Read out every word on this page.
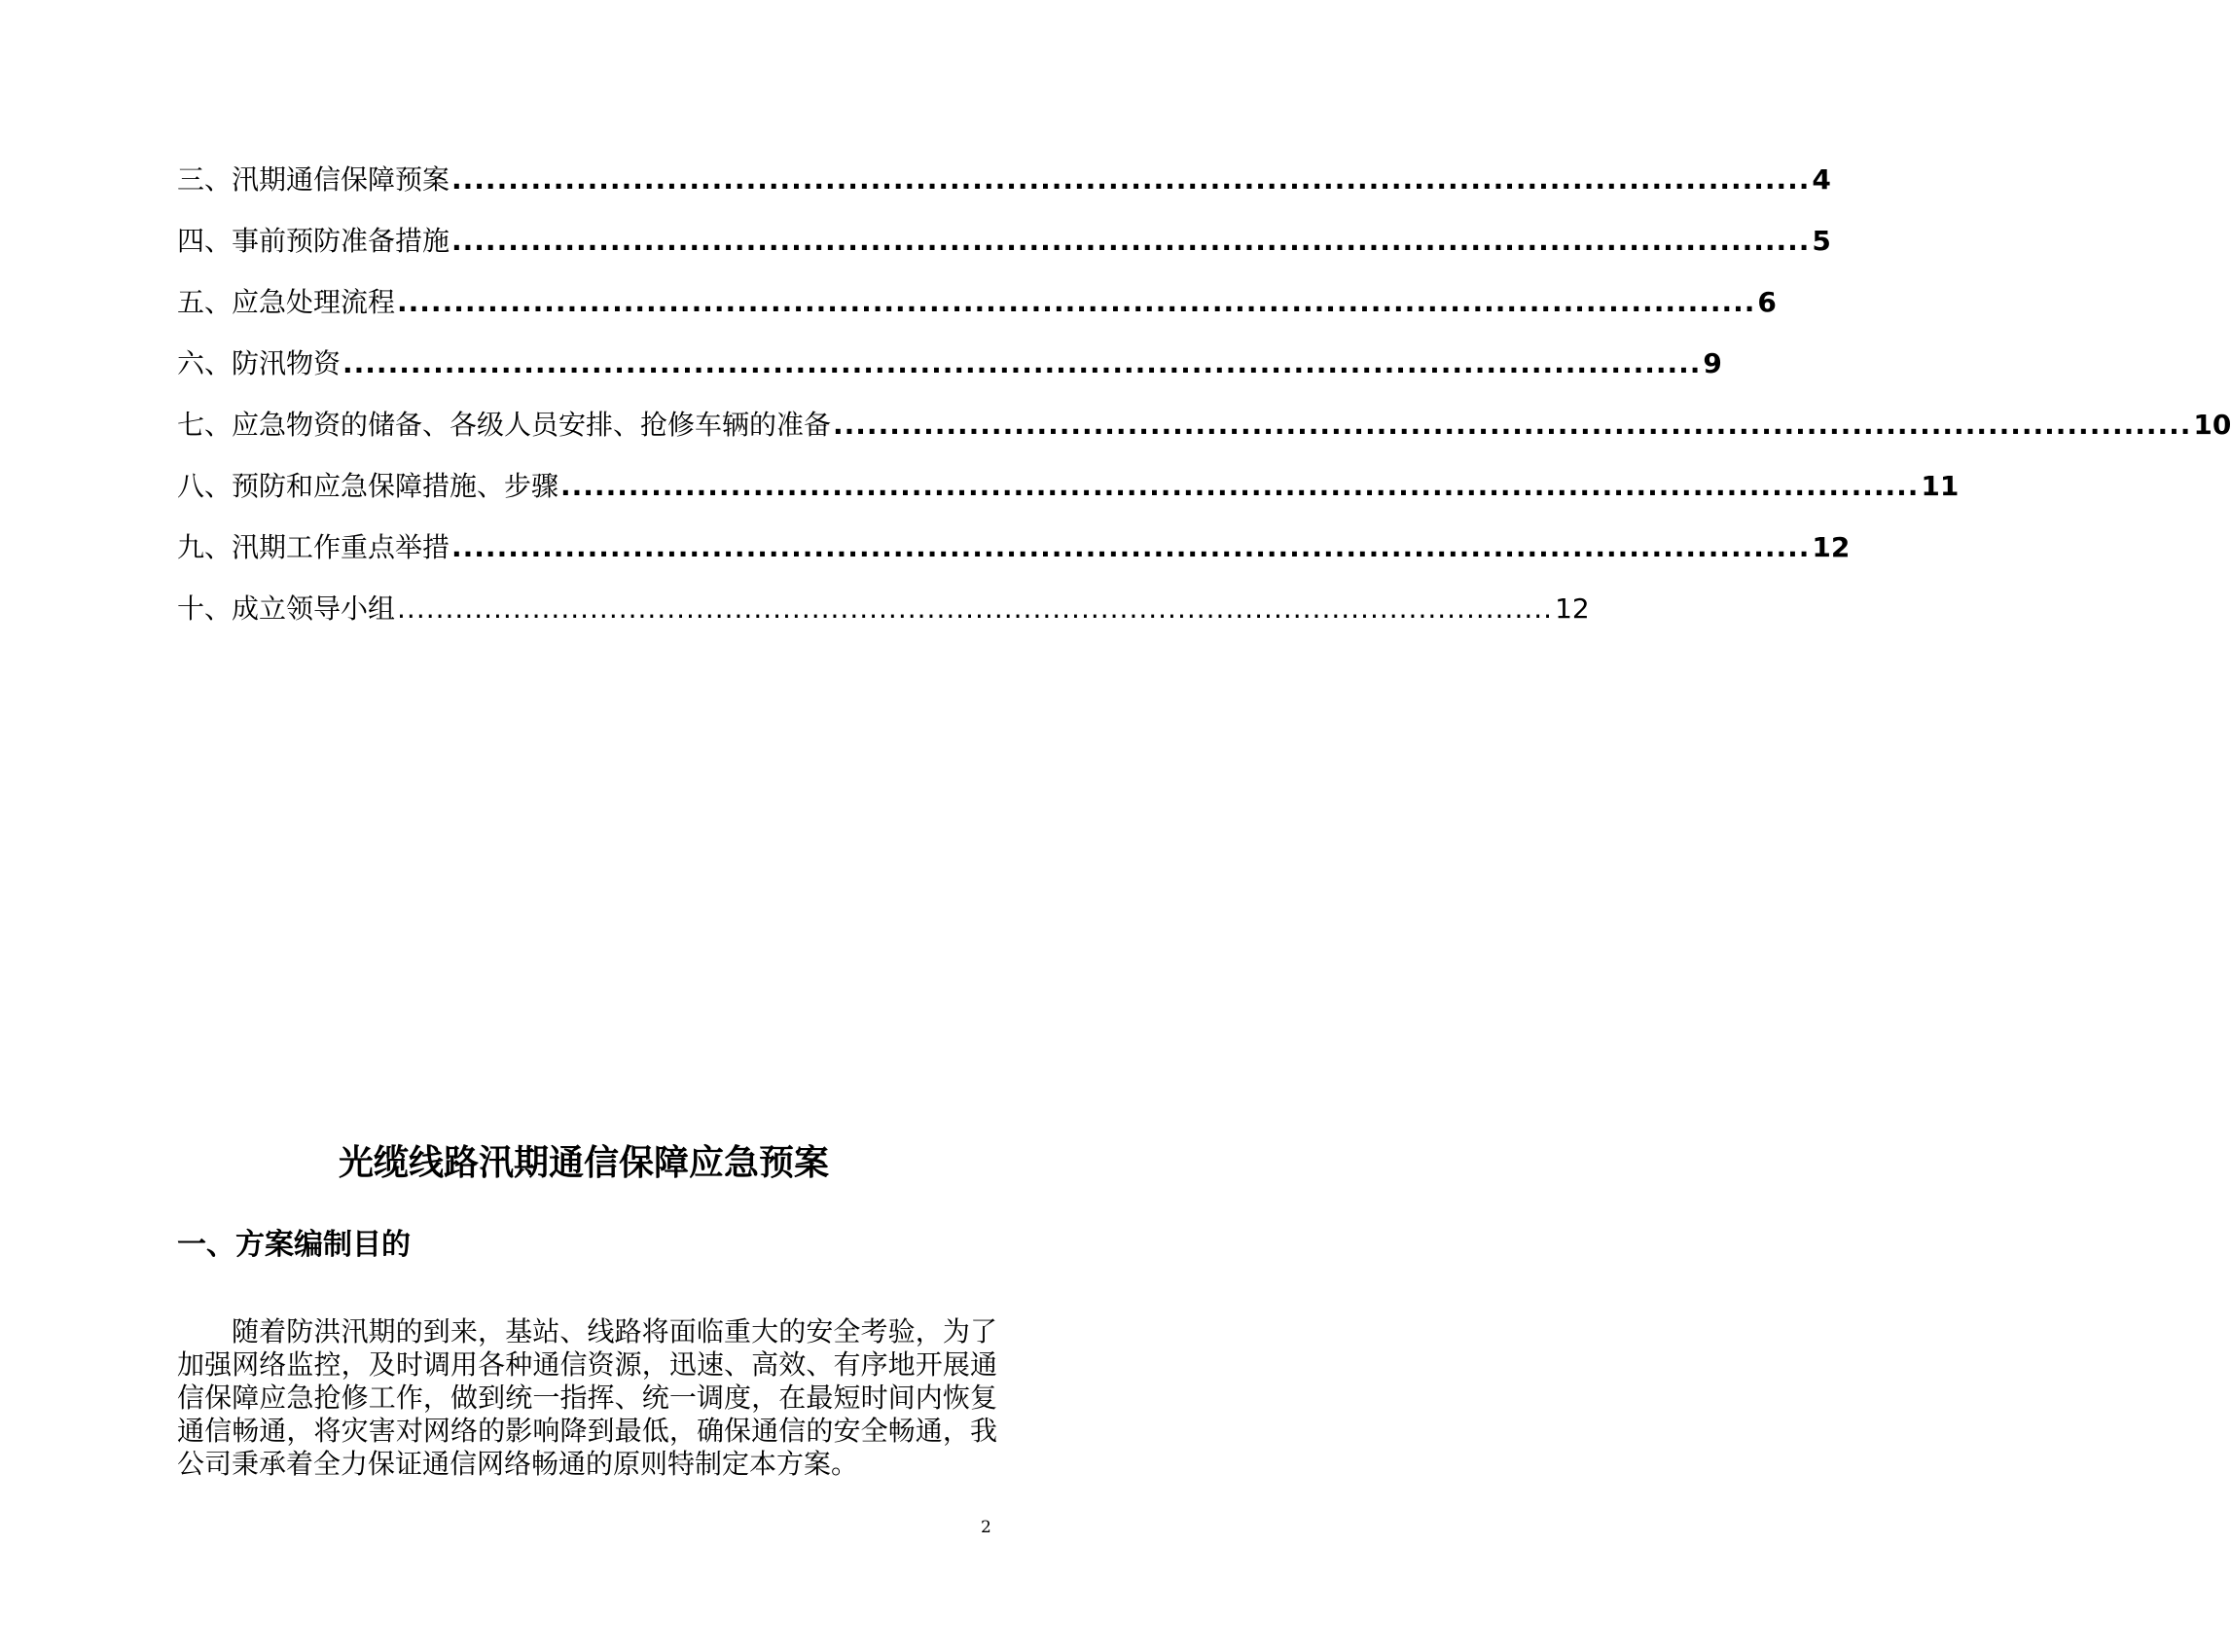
三、汛期通信保障预案 ........................................................................................................................ 4
四、事前预防准备措施 ........................................................................................................................ 5
五、应急处理流程 ........................................................................................................................ 6
六、防汛物资 ........................................................................................................................ 9
七、应急物资的储备、各级人员安排、抢修车辆的准备 ........................................................................................................................ 10
八、预防和应急保障措施、步骤 ........................................................................................................................ 11
九、汛期工作重点举措 ........................................................................................................................ 12
十、成立领导小组 ........................................................................................................................ 12
光缆线路汛期通信保障应急预案
一、方案编制目的

随着防洪汛期的到来，基站、线路将面临重大的安全考验，为了加强网络监控，及时调用各种通信资源，迅速、高效、有序地开展通信保障应急抢修工作，做到统一指挥、统一调度，在最短时间内恢复通信畅通，将灾害对网络的影响降到最低，确保通信的安全畅通，我公司秉承着全力保证通信网络畅通的原则特制定本方案。

2
